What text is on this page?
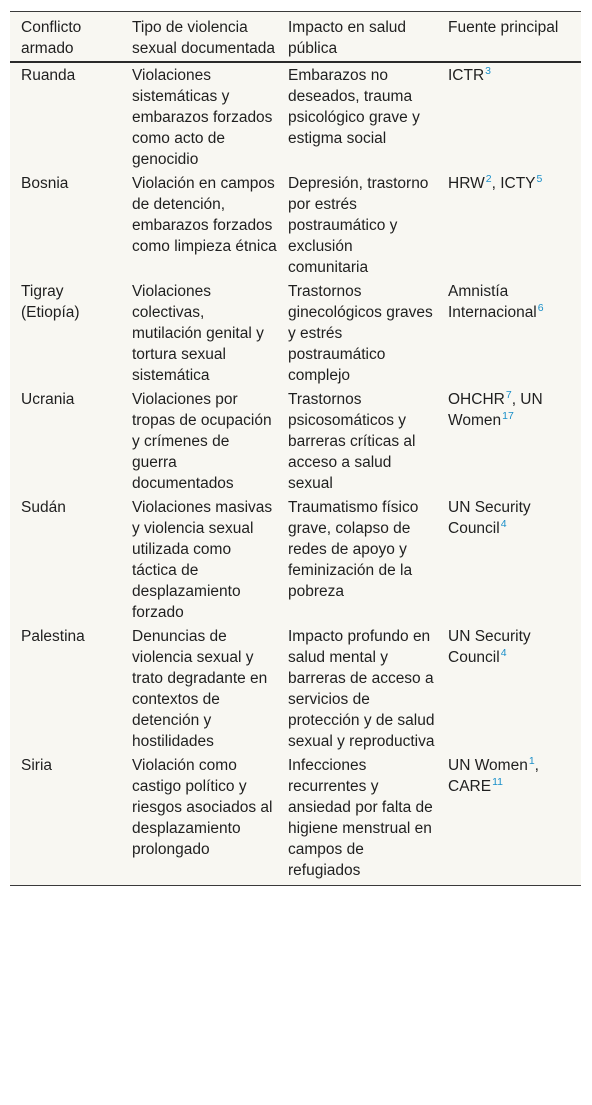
Conflicto armado	Tipo de violencia sexual documentada	Impacto en salud pública	Fuente principal
Ruanda	Violaciones sistemáticas y embarazos forzados como acto de genocidio	Embarazos no deseados, trauma psicológico grave y estigma social	ICTR$^3$
Bosnia	Violación en campos de detención, embarazos forzados como limpieza étnica	Depresión, trastorno por estrés postraumático y exclusión comunitaria	HRW$^2$, ICTY$^5$
Tigray (Etiopía)	Violaciones colectivas, mutilación genital y tortura sexual sistemática	Trastornos ginecológicos graves y estrés postraumático complejo	Amnistía Internacional$^6$
Ucrania	Violaciones por tropas de ocupación y crímenes de guerra documentados	Trastornos psicosomáticos y barreras críticas al acceso a salud sexual	OHCHR$^7$, UN Women$^{17}$
Sudán	Violaciones masivas y violencia sexual utilizada como táctica de desplazamiento forzado	Traumatismo físico grave, colapso de redes de apoyo y feminización de la pobreza	UN Security Council$^4$
Palestina	Denuncias de violencia sexual y trato degradante en contextos de detención y hostilidades	Impacto profundo en salud mental y barreras de acceso a servicios de protección y de salud sexual y reproductiva	UN Security Council$^4$
Siria	Violación como castigo político y riesgos asociados al desplazamiento prolongado	Infecciones recurrentes y ansiedad por falta de higiene menstrual en campos de refugiados	UN Women$^1$, CARE$^{11}$
